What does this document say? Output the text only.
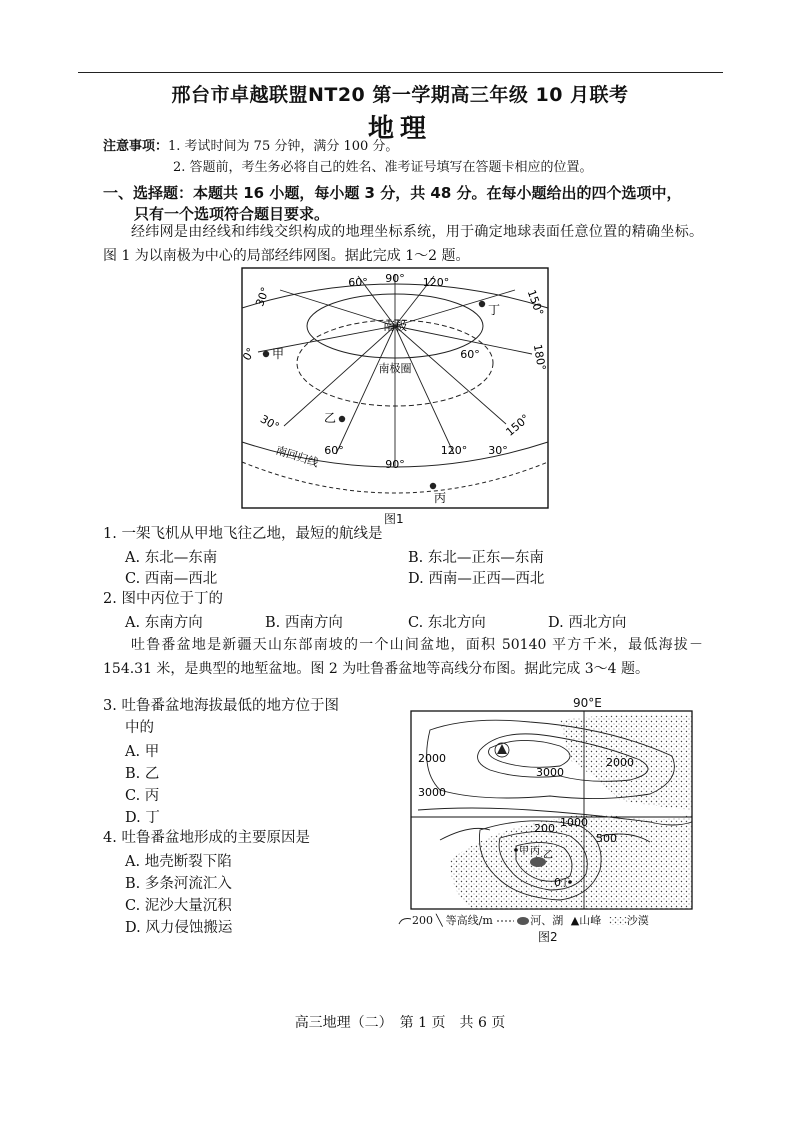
邢台市卓越联盟NT20 第一学期高三年级 10 月联考
地理
注意事项：1. 考试时间为 75 分钟，满分 100 分。
2. 答题前，考生务必将自己的姓名、准考证号填写在答题卡相应的位置。
一、选择题：本题共 16 小题，每小题 3 分，共 48 分。在每小题给出的四个选项中，
只有一个选项符合题目要求。
经纬网是由经线和纬线交织构成的地理坐标系统，用于确定地球表面任意位置的精确坐标。图 1 为以南极为中心的局部经纬网图。据此完成 1～2 题。
60° 90° 120°
150°
180°
0°
30°
60°
30°
60°
90°
120°
150°
30°
南极
南极圈
南回归线
甲
乙
丙
丁
图1
1. 一架飞机从甲地飞往乙地，最短的航线是
A. 东北—东南	B. 东北—正东—东南
C. 西南—西北	D. 西南—正西—西北
2. 图中丙位于丁的
A. 东南方向	B. 西南方向	C. 东北方向	D. 西北方向
吐鲁番盆地是新疆天山东部南坡的一个山间盆地，面积 50140 平方千米，最低海拔－154.31 米，是典型的地堑盆地。图 2 为吐鲁番盆地等高线分布图。据此完成 3～4 题。
3. 吐鲁番盆地海拔最低的地方位于图
中的
A. 甲
B. 乙
C. 丙
D. 丁
4. 吐鲁番盆地形成的主要原因是
A. 地壳断裂下陷
B. 多条河流汇入
C. 泥沙大量沉积
D. 风力侵蚀搬运
90°E
2000
3000
3000
2000
1000
200
500
0
甲 丙 乙
丁
200 ╲ 等高线/m	河、湖 ▲山峰 沙漠
图2
高三地理（二）　第 1 页　共 6 页
